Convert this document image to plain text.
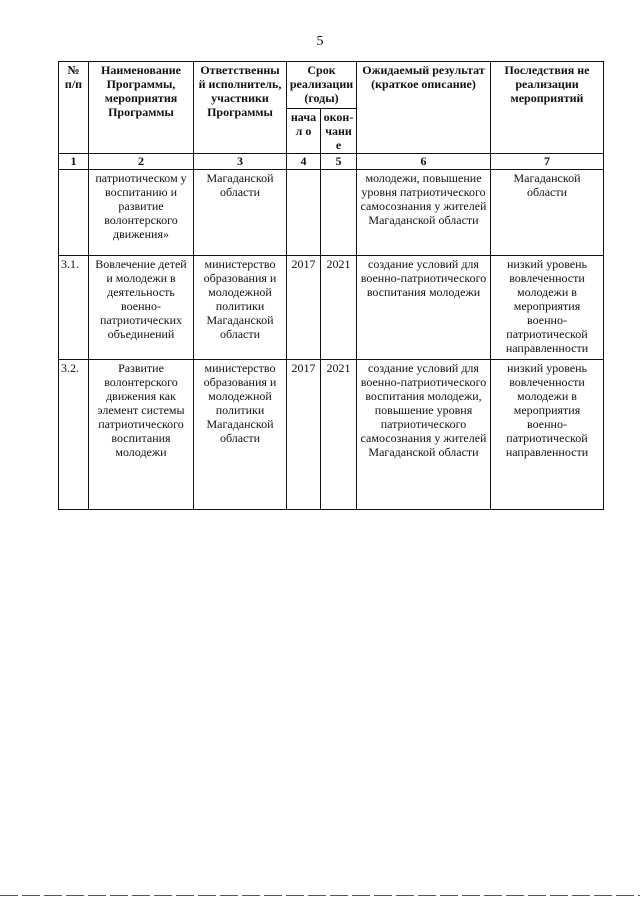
5
№ п/п	Наименование Программы, мероприятия Программы	Ответственны й исполнитель, участники Программы	Срок реализации (годы)		Ожидаемый результат (краткое описание)	Последствия не реализации мероприятий
			начал о	окон- чание		
1	2	3	4	5	6	7
	патриотическом у воспитанию и развитие волонтерского движения»	Магаданской области			молодежи, повышение уровня патриотического самосознания у жителей Магаданской области	Магаданской области
3.1.	Вовлечение детей и молодежи в деятельность военно-патриотических объединений	министерство образования и молодежной политики Магаданской области	2017	2021	создание условий для военно-патриотического воспитания молодежи	низкий уровень вовлеченности молодежи в мероприятия военно-патриотической направленности
3.2.	Развитие волонтерского движения как элемент системы патриотического воспитания молодежи	министерство образования и молодежной политики Магаданской области	2017	2021	создание условий для военно-патриотического воспитания молодежи, повышение уровня патриотического самосознания у жителей Магаданской области	низкий уровень вовлеченности молодежи в мероприятия военно-патриотической направленности
